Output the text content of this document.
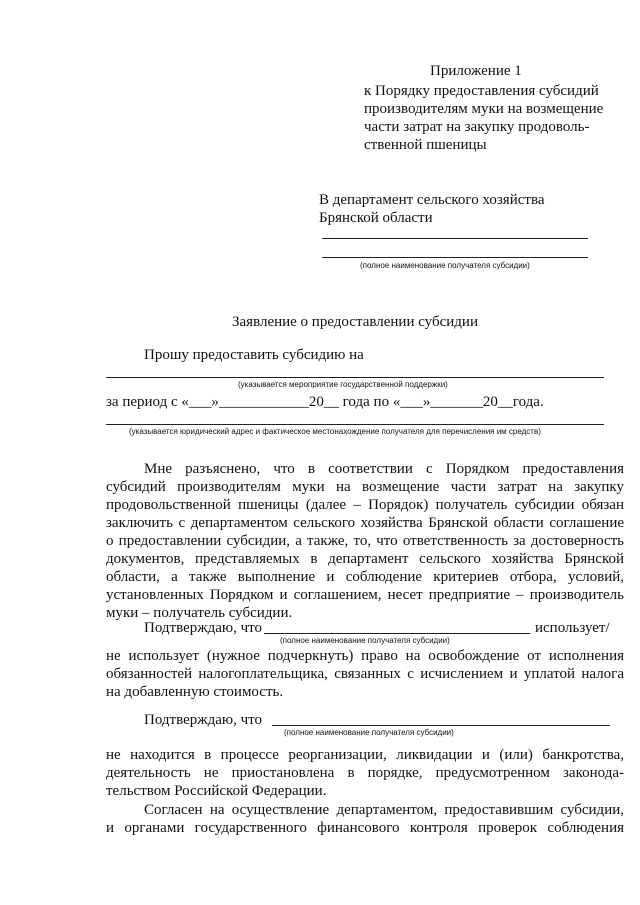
Приложение 1
к Порядку предоставления субсидий
производителям муки на возмещение
части затрат на закупку продоволь-
ственной пшеницы
В департамент сельского хозяйства
Брянской области
(полное наименование получателя субсидии)
Заявление о предоставлении субсидии
Прошу предоставить субсидию на
(указывается мероприятие государственной поддержки)
за период с «___»____________20__ года по «___»_______20__года.
(указывается юридический адрес и фактическое местонахождение получателя для перечисления им средств)
Мне разъяснено, что в соответствии с Порядком предоставления
субсидий производителям муки на возмещение части затрат на закупку
продовольственной пшеницы (далее – Порядок) получатель субсидии обязан
заключить с департаментом сельского хозяйства Брянской области соглашение
о предоставлении субсидии, а также, то, что ответственность за достоверность
документов, представляемых в департамент сельского хозяйства Брянской
области, а также выполнение и соблюдение критериев отбора, условий,
установленных Порядком и соглашением, несет предприятие – производитель
муки – получатель субсидии.
Подтверждаю, что	использует/
(полное наименование получателя субсидии)
не использует (нужное подчеркнуть) право на освобождение от исполнения
обязанностей налогоплательщика, связанных с исчислением и уплатой налога
на добавленную стоимость.
Подтверждаю, что
(полное наименование получателя субсидии)
не находится в процессе реорганизации, ликвидации и (или) банкротства,
деятельность не приостановлена в порядке, предусмотренном законода-
тельством Российской Федерации.
Согласен на осуществление департаментом, предоставившим субсидии,
и органами государственного финансового контроля проверок соблюдения
